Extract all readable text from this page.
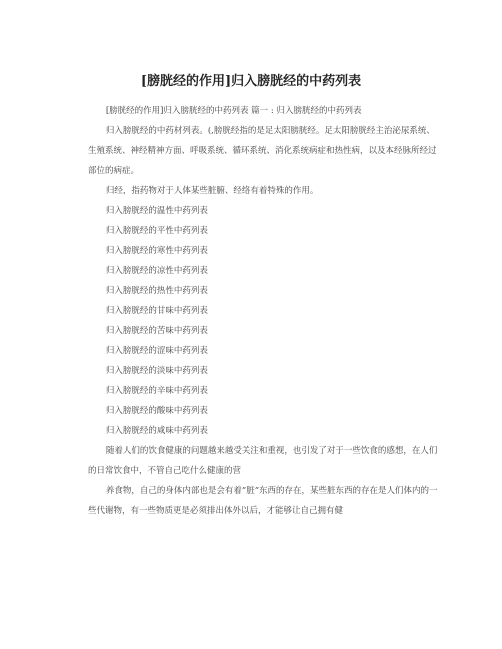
[膀胱经的作用]归入膀胱经的中药列表

[膀胱经的作用]归入膀胱经的中药列表 篇一 : 归入膀胱经的中药列表

归入膀胱经的中药材列表。(,膀胱经指的是足太阳膀胱经。足太阳膀胱经主治泌尿系统、生殖系统、神经精神方面、呼吸系统、循环系统、消化系统病症和热性病，以及本经脉所经过部位的病症。

归经，指药物对于人体某些脏腑、经络有着特殊的作用。

归入膀胱经的温性中药列表

归入膀胱经的平性中药列表

归入膀胱经的寒性中药列表

归入膀胱经的凉性中药列表

归入膀胱经的热性中药列表

归入膀胱经的甘味中药列表

归入膀胱经的苦味中药列表

归入膀胱经的涩味中药列表

归入膀胱经的淡味中药列表

归入膀胱经的辛味中药列表

归入膀胱经的酸味中药列表

归入膀胱经的咸味中药列表

随着人们的饮食健康的问题越来越受关注和重视，也引发了对于一些饮食的感想，在人们的日常饮食中，不管自己吃什么健康的营

养食物，自己的身体内部也是会有着”脏”东西的存在，某些脏东西的存在是人们体内的一些代谢物，有一些物质更是必须排出体外以后，才能够让自己拥有健
